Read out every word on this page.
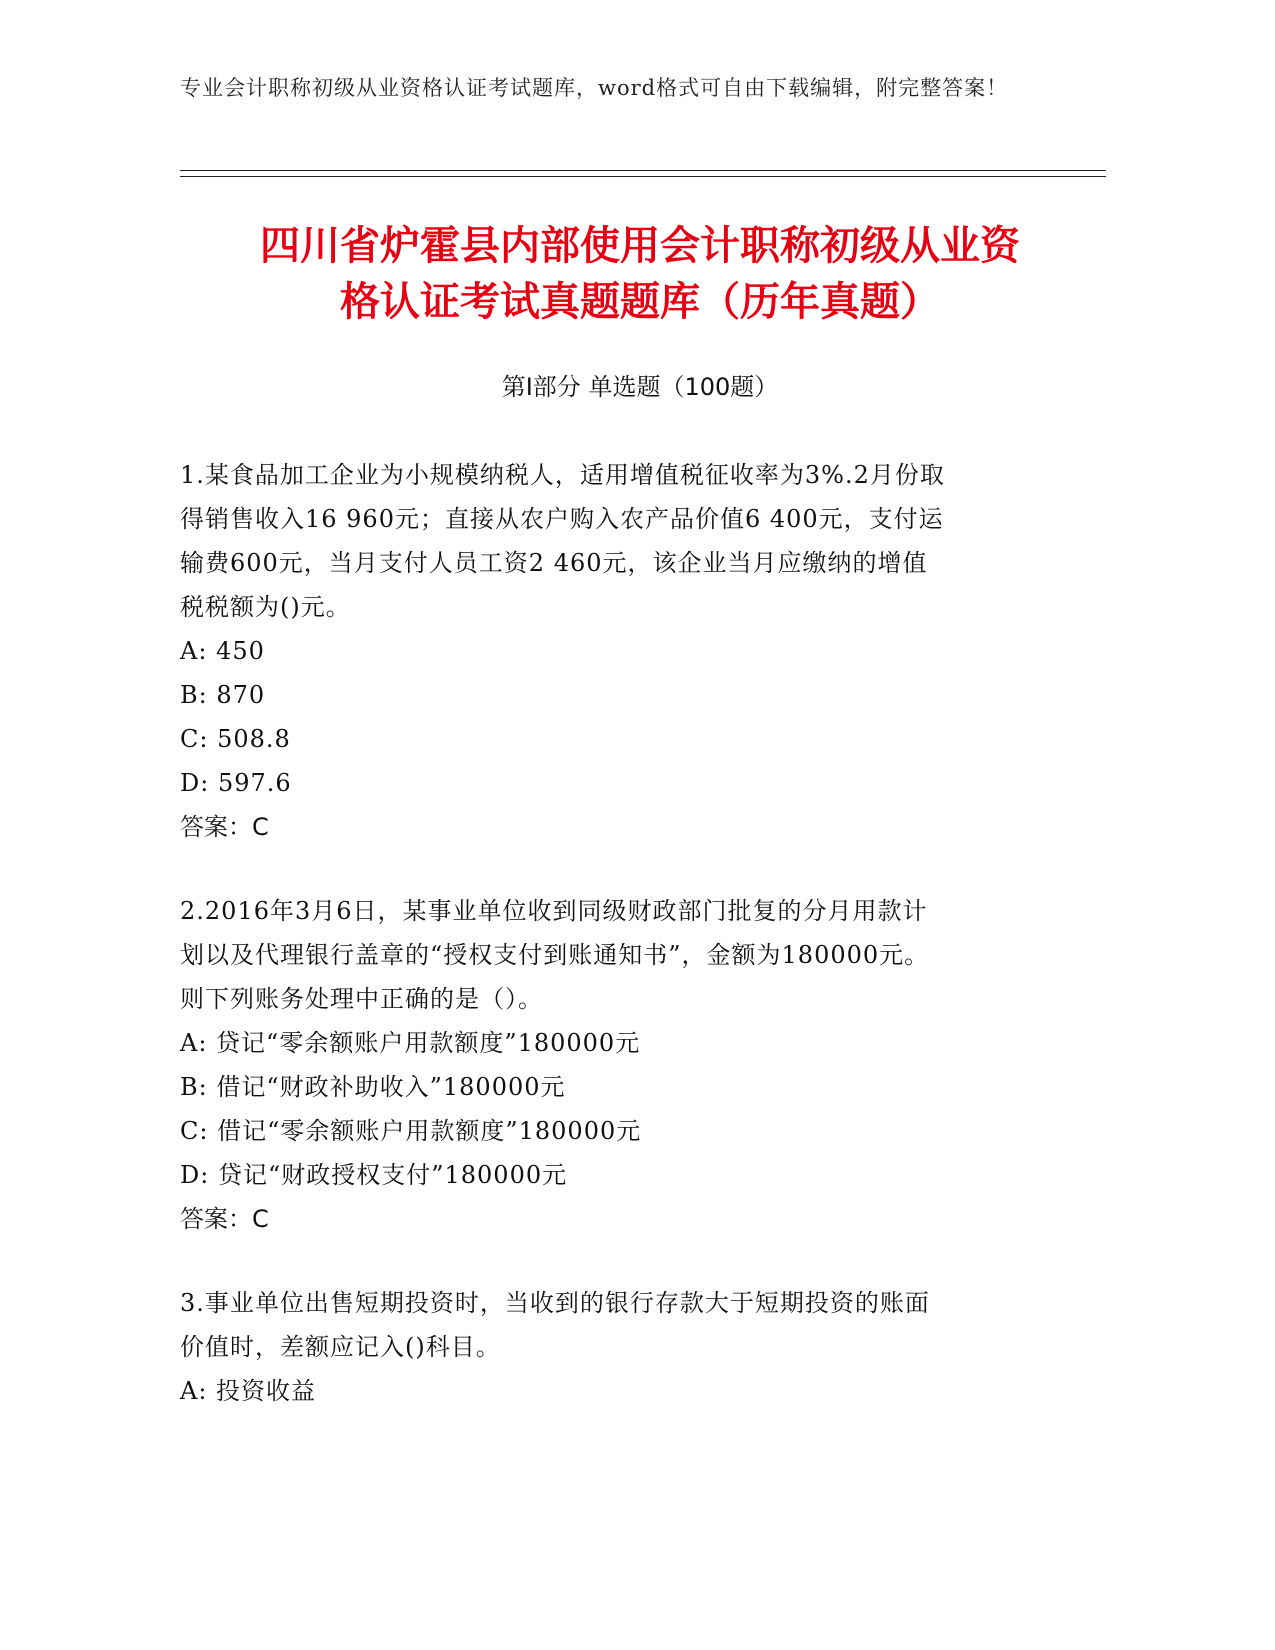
专业会计职称初级从业资格认证考试题库，word格式可自由下载编辑，附完整答案！
四川省炉霍县内部使用会计职称初级从业资
格认证考试真题题库（历年真题）
第Ⅰ部分 单选题（100题）
1.某食品加工企业为小规模纳税人，适用增值税征收率为3%.2月份取
得销售收入16 960元；直接从农户购入农产品价值6 400元，支付运
输费600元，当月支付人员工资2 460元，该企业当月应缴纳的增值
税税额为()元。
A: 450
B: 870
C: 508.8
D: 597.6
答案：C
2.2016年3月6日，某事业单位收到同级财政部门批复的分月用款计
划以及代理银行盖章的“授权支付到账通知书”，金额为180000元。
则下列账务处理中正确的是（）。
A: 贷记“零余额账户用款额度”180000元
B: 借记“财政补助收入”180000元
C: 借记“零余额账户用款额度”180000元
D: 贷记“财政授权支付”180000元
答案：C
3.事业单位出售短期投资时，当收到的银行存款大于短期投资的账面
价值时，差额应记入()科目。
A: 投资收益
